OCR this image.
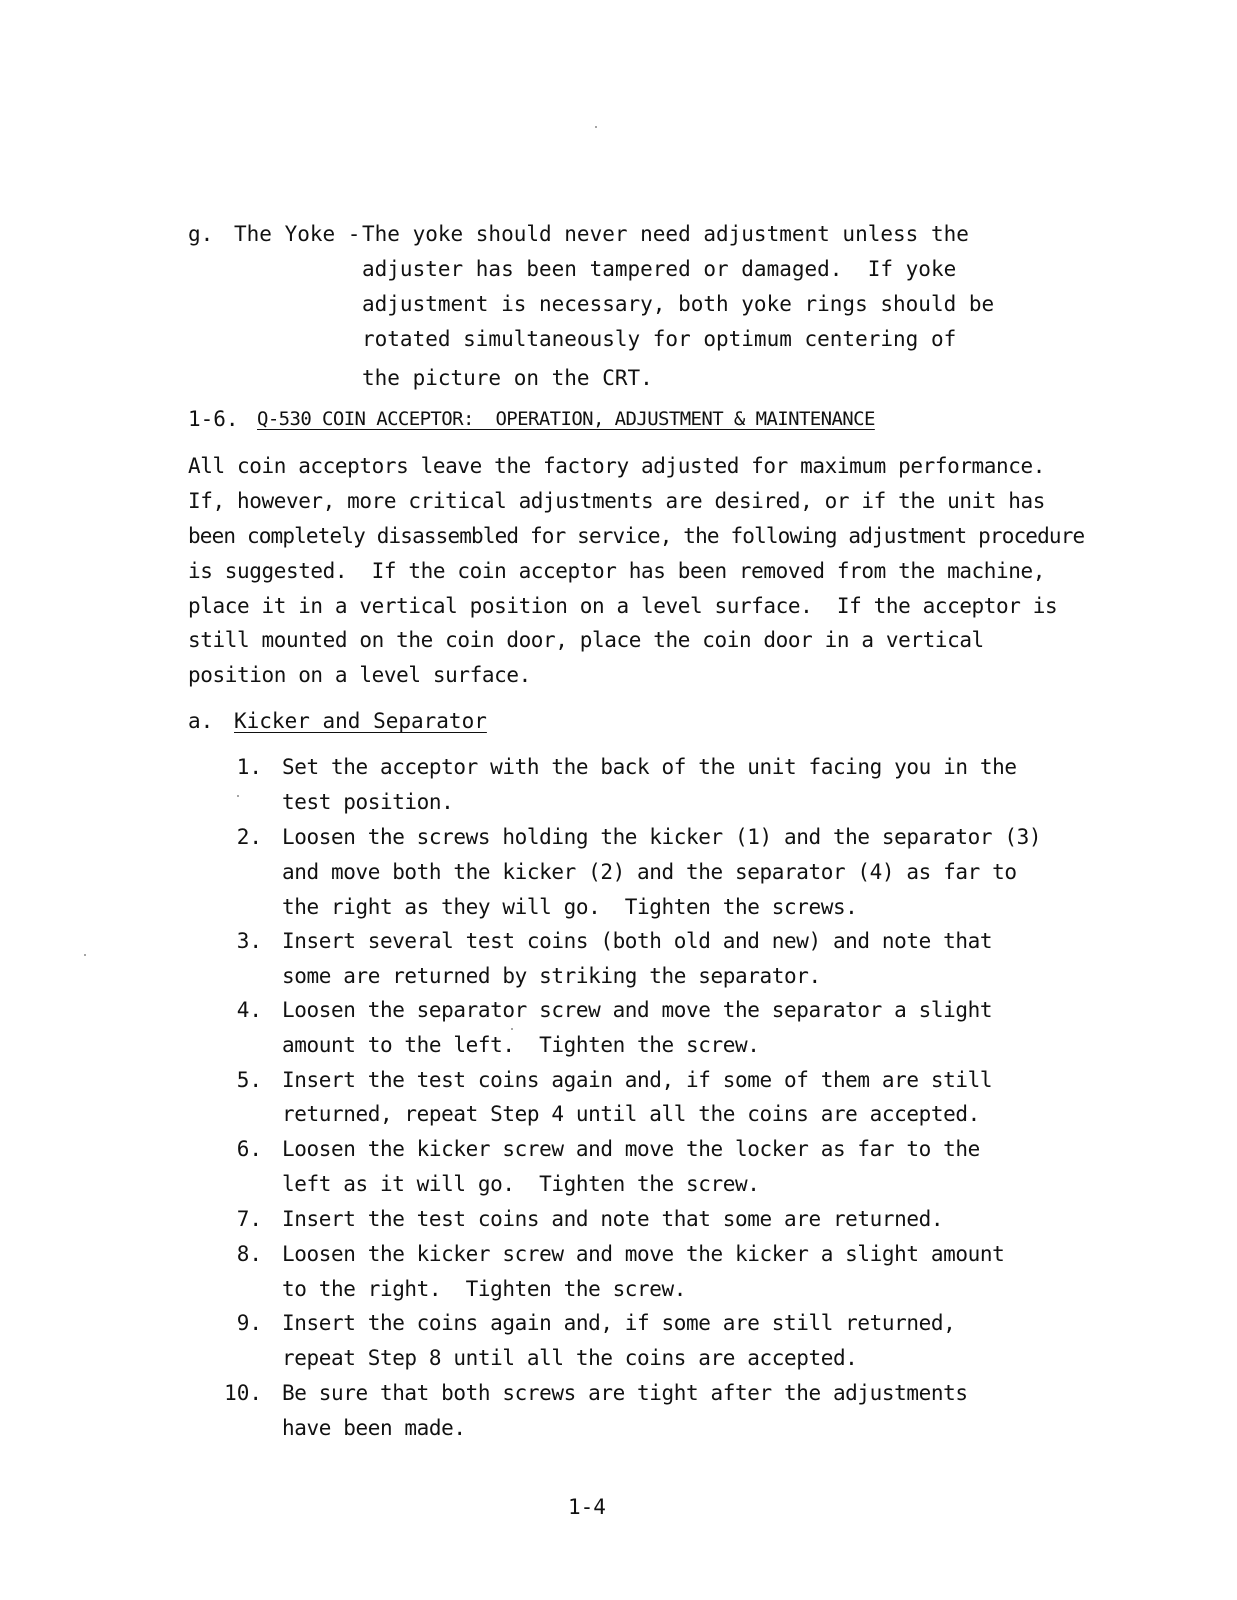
g. The Yoke - The yoke should never need adjustment unless the
adjuster has been tampered or damaged.  If yoke
adjustment is necessary, both yoke rings should be
rotated simultaneously for optimum centering of
the picture on the CRT.
1-6. Q-530 COIN ACCEPTOR:  OPERATION, ADJUSTMENT & MAINTENANCE
All coin acceptors leave the factory adjusted for maximum performance.
If, however, more critical adjustments are desired, or if the unit has
been completely disassembled for service, the following adjustment procedure
is suggested.  If the coin acceptor has been removed from the machine,
place it in a vertical position on a level surface.  If the acceptor is
still mounted on the coin door, place the coin door in a vertical
position on a level surface.
a. Kicker and Separator
1. Set the acceptor with the back of the unit facing you in the
test position.
2. Loosen the screws holding the kicker (1) and the separator (3)
and move both the kicker (2) and the separator (4) as far to
the right as they will go.  Tighten the screws.
3. Insert several test coins (both old and new) and note that
some are returned by striking the separator.
4. Loosen the separator screw and move the separator a slight
amount to the left.  Tighten the screw.
5. Insert the test coins again and, if some of them are still
returned, repeat Step 4 until all the coins are accepted.
6. Loosen the kicker screw and move the locker as far to the
left as it will go.  Tighten the screw.
7. Insert the test coins and note that some are returned.
8. Loosen the kicker screw and move the kicker a slight amount
to the right.  Tighten the screw.
9. Insert the coins again and, if some are still returned,
repeat Step 8 until all the coins are accepted.
10. Be sure that both screws are tight after the adjustments
have been made.
1-4
